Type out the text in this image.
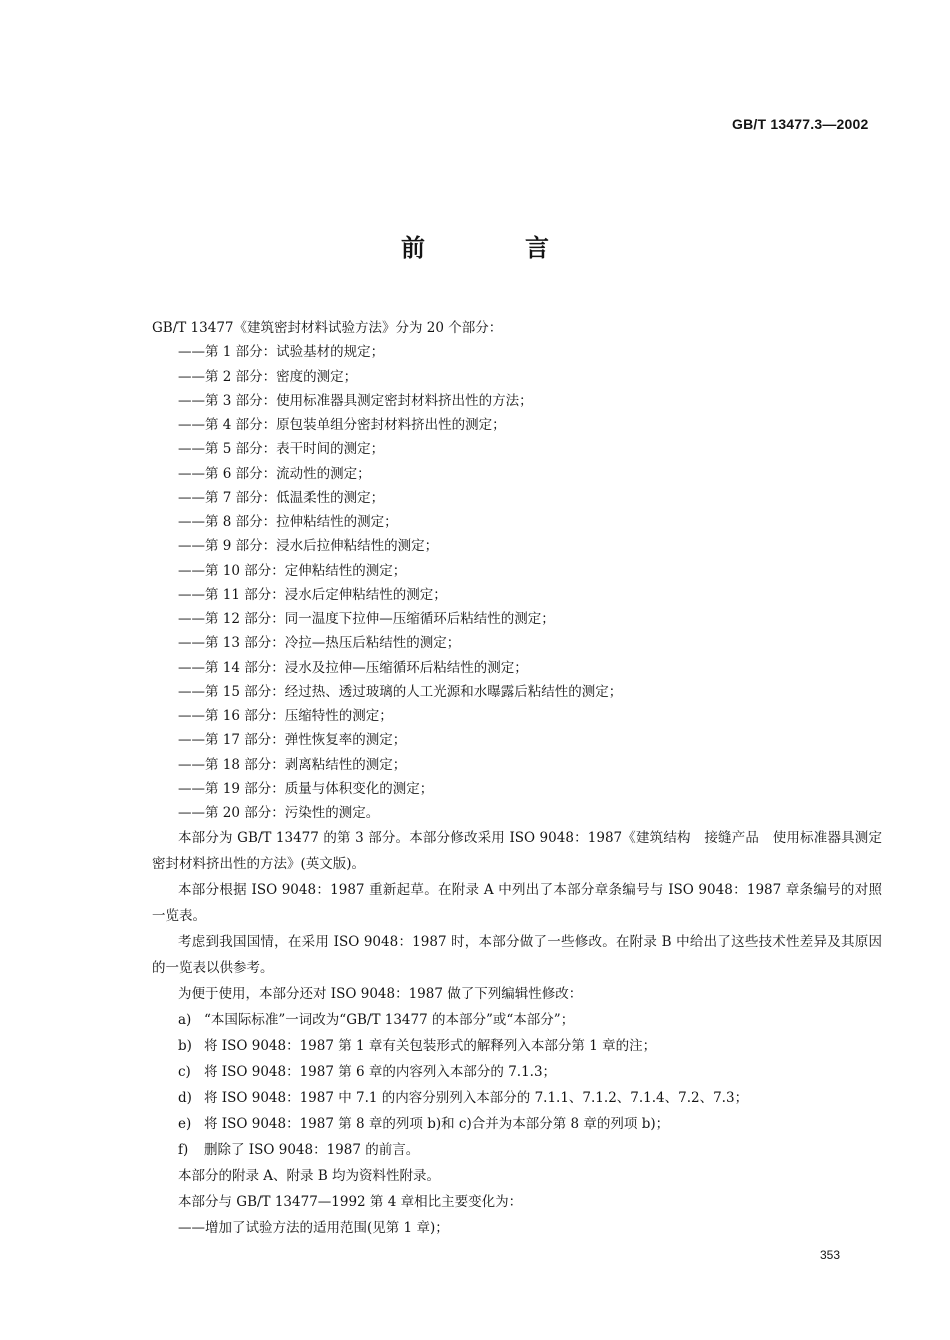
GB/T 13477.3—2002
前　言
GB/T 13477《建筑密封材料试验方法》分为 20 个部分：
——第 1 部分：试验基材的规定；
——第 2 部分：密度的测定；
——第 3 部分：使用标准器具测定密封材料挤出性的方法；
——第 4 部分：原包装单组分密封材料挤出性的测定；
——第 5 部分：表干时间的测定；
——第 6 部分：流动性的测定；
——第 7 部分：低温柔性的测定；
——第 8 部分：拉伸粘结性的测定；
——第 9 部分：浸水后拉伸粘结性的测定；
——第 10 部分：定伸粘结性的测定；
——第 11 部分：浸水后定伸粘结性的测定；
——第 12 部分：同一温度下拉伸—压缩循环后粘结性的测定；
——第 13 部分：冷拉—热压后粘结性的测定；
——第 14 部分：浸水及拉伸—压缩循环后粘结性的测定；
——第 15 部分：经过热、透过玻璃的人工光源和水曝露后粘结性的测定；
——第 16 部分：压缩特性的测定；
——第 17 部分：弹性恢复率的测定；
——第 18 部分：剥离粘结性的测定；
——第 19 部分：质量与体积变化的测定；
——第 20 部分：污染性的测定。

本部分为 GB/T 13477 的第 3 部分。本部分修改采用 ISO 9048：1987《建筑结构　接缝产品　使用标准器具测定密封材料挤出性的方法》(英文版)。

本部分根据 ISO 9048：1987 重新起草。在附录 A 中列出了本部分章条编号与 ISO 9048：1987 章条编号的对照一览表。

考虑到我国国情，在采用 ISO 9048：1987 时，本部分做了一些修改。在附录 B 中给出了这些技术性差异及其原因的一览表以供参考。

为便于使用，本部分还对 ISO 9048：1987 做了下列编辑性修改：
a) “本国际标准”一词改为“GB/T 13477 的本部分”或“本部分”；
b) 将 ISO 9048：1987 第 1 章有关包装形式的解释列入本部分第 1 章的注；
c) 将 ISO 9048：1987 第 6 章的内容列入本部分的 7.1.3；
d) 将 ISO 9048：1987 中 7.1 的内容分别列入本部分的 7.1.1、7.1.2、7.1.4、7.2、7.3；
e) 将 ISO 9048：1987 第 8 章的列项 b)和 c)合并为本部分第 8 章的列项 b)；
f) 删除了 ISO 9048：1987 的前言。
本部分的附录 A、附录 B 均为资料性附录。
本部分与 GB/T 13477—1992 第 4 章相比主要变化为：
——增加了试验方法的适用范围(见第 1 章)；
353
